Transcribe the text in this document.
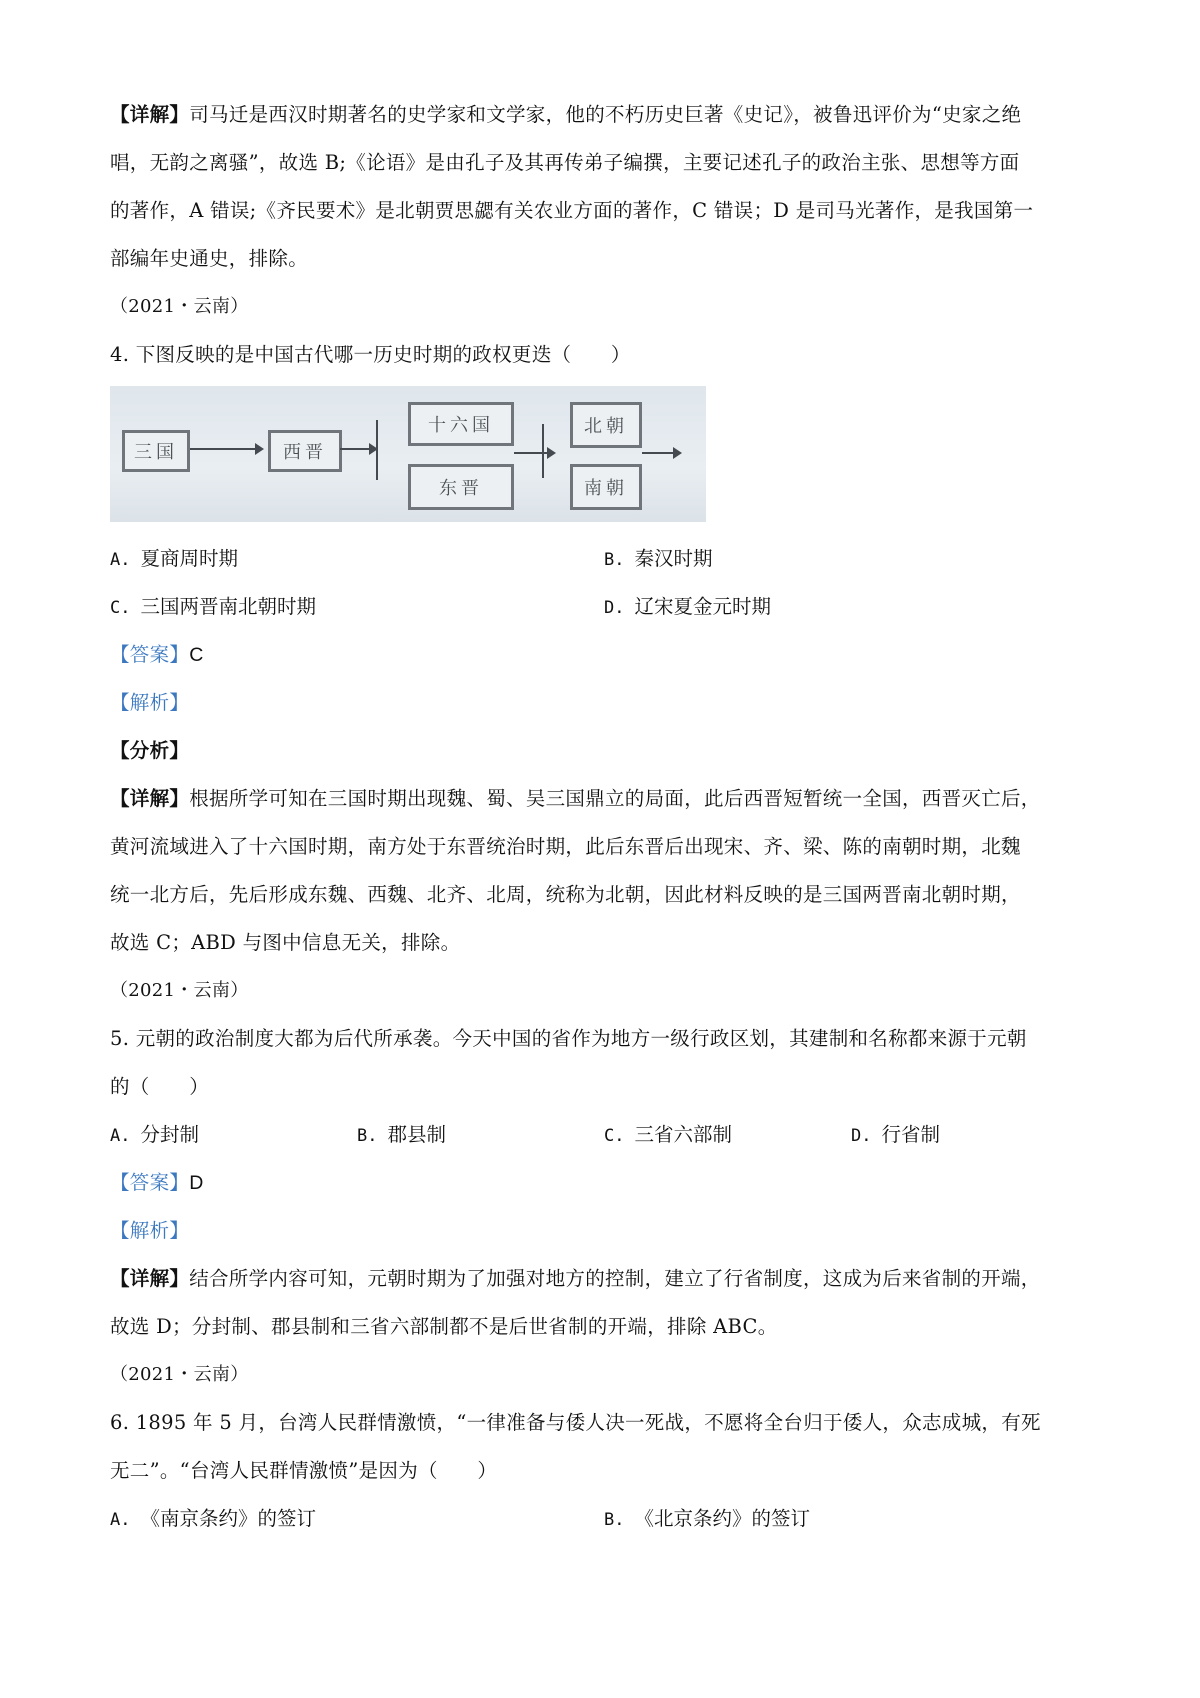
【详解】司马迁是西汉时期著名的史学家和文学家，他的不朽历史巨著《史记》，被鲁迅评价为“史家之绝
唱，无韵之离骚”，故选 B;《论语》是由孔子及其再传弟子编撰，主要记述孔子的政治主张、思想等方面
的著作，A 错误;《齐民要术》是北朝贾思勰有关农业方面的著作，C 错误；D 是司马光著作，是我国第一
部编年史通史，排除。
（2021・云南）
4. 下图反映的是中国古代哪一历史时期的政权更迭（　　）
三国	西晋
十六国
东晋
北朝
南朝
A. 夏商周时期	B. 秦汉时期
C. 三国两晋南北朝时期	D. 辽宋夏金元时期
【答案】C
【解析】
【分析】
【详解】根据所学可知在三国时期出现魏、蜀、吴三国鼎立的局面，此后西晋短暂统一全国，西晋灭亡后，
黄河流域进入了十六国时期，南方处于东晋统治时期，此后东晋后出现宋、齐、梁、陈的南朝时期，北魏
统一北方后，先后形成东魏、西魏、北齐、北周，统称为北朝，因此材料反映的是三国两晋南北朝时期，
故选 C；ABD 与图中信息无关，排除。
（2021・云南）
5. 元朝的政治制度大都为后代所承袭。今天中国的省作为地方一级行政区划，其建制和名称都来源于元朝
的（　　）
A. 分封制	B. 郡县制	C. 三省六部制	D. 行省制
【答案】D
【解析】
【详解】结合所学内容可知，元朝时期为了加强对地方的控制，建立了行省制度，这成为后来省制的开端，
故选 D；分封制、郡县制和三省六部制都不是后世省制的开端，排除 ABC。
（2021・云南）
6. 1895 年 5 月，台湾人民群情激愤，“一律准备与倭人决一死战，不愿将全台归于倭人，众志成城，有死
无二”。“台湾人民群情激愤”是因为（　　）
A. 《南京条约》的签订	B. 《北京条约》的签订
